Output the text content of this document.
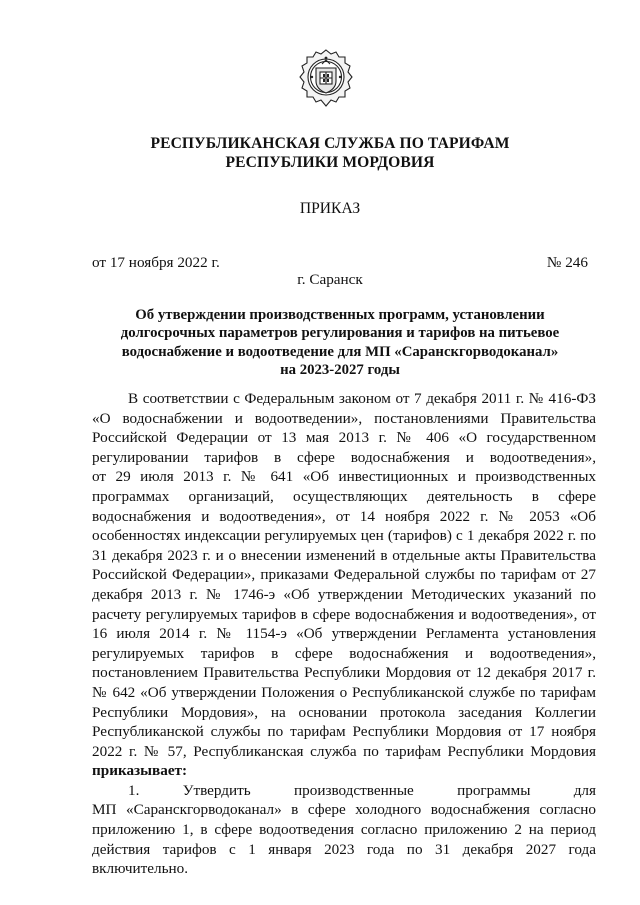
РЕСПУБЛИКАНСКАЯ СЛУЖБА ПО ТАРИФАМ
РЕСПУБЛИКИ МОРДОВИЯ
ПРИКАЗ
от 17 ноября 2022 г.	№ 246
г. Саранск
Об утверждении производственных программ, установлении
долгосрочных параметров регулирования и тарифов на питьевое
водоснабжение и водоотведение для МП «Саранскгорводоканал»
на 2023-2027 годы
В соответствии с Федеральным законом от 7 декабря 2011 г. № 416-ФЗ
«О водоснабжении и водоотведении», постановлениями Правительства
Российской Федерации от 13 мая 2013 г. № 406 «О государственном
регулировании тарифов в сфере водоснабжения и водоотведения»,
от 29 июля 2013 г. № 641 «Об инвестиционных и производственных
программах организаций, осуществляющих деятельность в сфере
водоснабжения и водоотведения», от 14 ноября 2022 г. № 2053 «Об
особенностях индексации регулируемых цен (тарифов) с 1 декабря 2022 г. по
31 декабря 2023 г. и о внесении изменений в отдельные акты Правительства
Российской Федерации», приказами Федеральной службы по тарифам от 27
декабря 2013 г. № 1746-э «Об утверждении Методических указаний по
расчету регулируемых тарифов в сфере водоснабжения и водоотведения», от
16 июля 2014 г. № 1154-э «Об утверждении Регламента установления
регулируемых тарифов в сфере водоснабжения и водоотведения»,
постановлением Правительства Республики Мордовия от 12 декабря 2017 г.
№ 642 «Об утверждении Положения о Республиканской службе по тарифам
Республики Мордовия», на основании протокола заседания Коллегии
Республиканской службы по тарифам Республики Мордовия от 17 ноября
2022 г. № 57, Республиканская служба по тарифам Республики Мордовия
приказывает:
1. Утвердить производственные программы для
МП «Саранскгорводоканал» в сфере холодного водоснабжения согласно
приложению 1, в сфере водоотведения согласно приложению 2 на период
действия тарифов с 1 января 2023 года по 31 декабря 2027 года
включительно.
